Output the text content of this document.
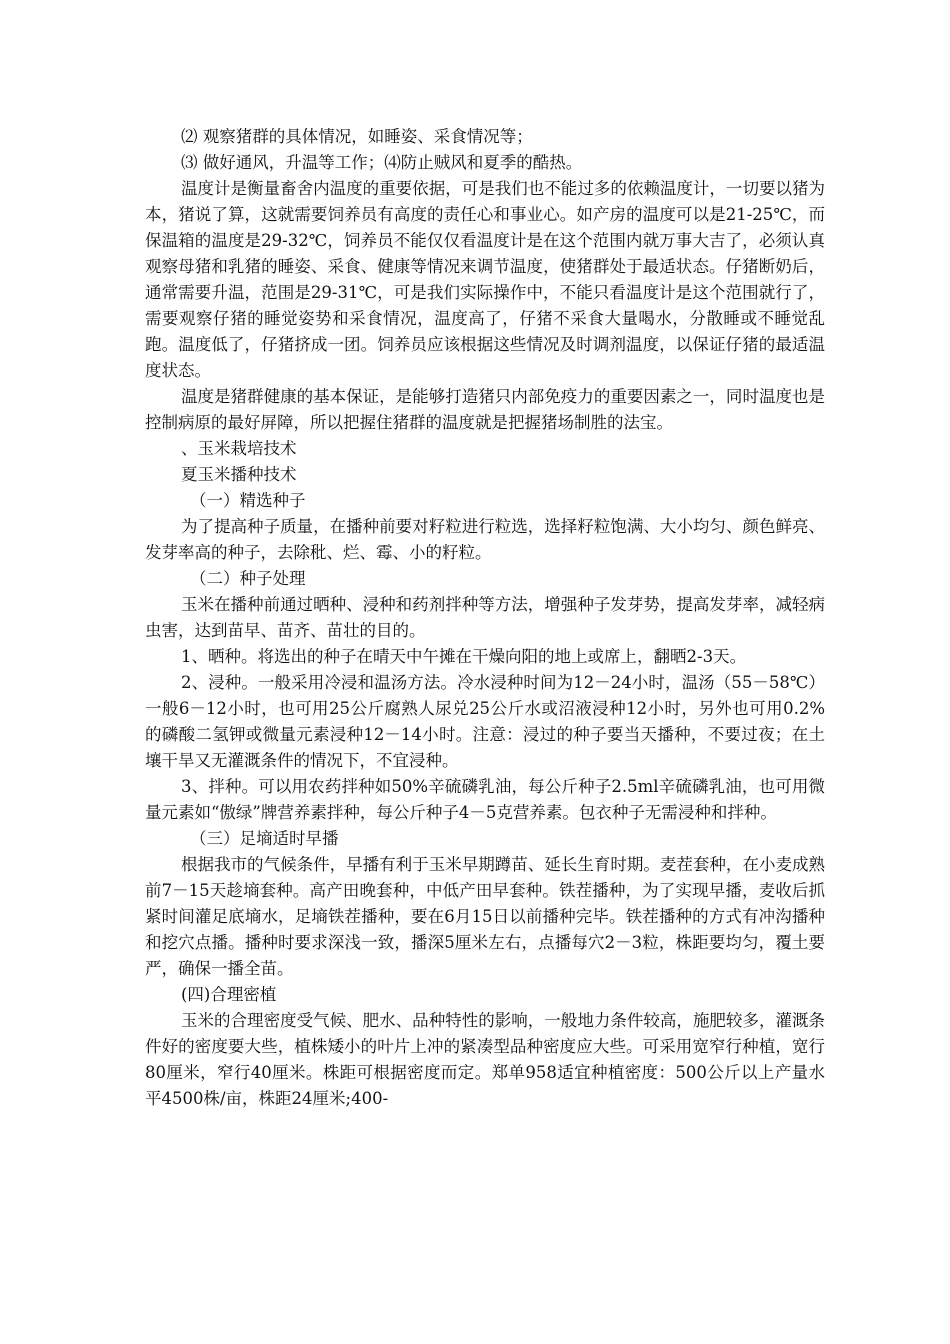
⑵ 观察猪群的具体情况，如睡姿、采食情况等；

⑶ 做好通风，升温等工作；⑷防止贼风和夏季的酷热。

温度计是衡量畜舍内温度的重要依据，可是我们也不能过多的依赖温度计，一切要以猪为本，猪说了算，这就需要饲养员有高度的责任心和事业心。如产房的温度可以是21-25℃，而保温箱的温度是29-32℃，饲养员不能仅仅看温度计是在这个范围内就万事大吉了，必须认真观察母猪和乳猪的睡姿、采食、健康等情况来调节温度，使猪群处于最适状态。仔猪断奶后，通常需要升温，范围是29-31℃，可是我们实际操作中，不能只看温度计是这个范围就行了，需要观察仔猪的睡觉姿势和采食情况，温度高了，仔猪不采食大量喝水，分散睡或不睡觉乱跑。温度低了，仔猪挤成一团。饲养员应该根据这些情况及时调剂温度，以保证仔猪的最适温度状态。

温度是猪群健康的基本保证，是能够打造猪只内部免疫力的重要因素之一，同时温度也是控制病原的最好屏障，所以把握住猪群的温度就是把握猪场制胜的法宝。

、玉米栽培技术

夏玉米播种技术

（一）精选种子

为了提高种子质量，在播种前要对籽粒进行粒选，选择籽粒饱满、大小均匀、颜色鲜亮、发芽率高的种子，去除秕、烂、霉、小的籽粒。

（二）种子处理

玉米在播种前通过晒种、浸种和药剂拌种等方法，增强种子发芽势，提高发芽率，减轻病虫害，达到苗早、苗齐、苗壮的目的。

1、晒种。将选出的种子在晴天中午摊在干燥向阳的地上或席上，翻晒2-3天。

2、浸种。一般采用冷浸和温汤方法。冷水浸种时间为12－24小时，温汤（55－58℃）一般6－12小时，也可用25公斤腐熟人尿兑25公斤水或沼液浸种12小时，另外也可用0.2%的磷酸二氢钾或微量元素浸种12－14小时。注意：浸过的种子要当天播种，不要过夜；在土壤干旱又无灌溉条件的情况下，不宜浸种。

3、拌种。可以用农药拌种如50%辛硫磷乳油，每公斤种子2.5ml辛硫磷乳油，也可用微量元素如“傲绿”牌营养素拌种，每公斤种子4－5克营养素。包衣种子无需浸种和拌种。

（三）足墒适时早播

根据我市的气候条件，早播有利于玉米早期蹲苗、延长生育时期。麦茬套种，在小麦成熟前7－15天趁墒套种。高产田晚套种，中低产田早套种。铁茬播种，为了实现早播，麦收后抓紧时间灌足底墒水，足墒铁茬播种，要在6月15日以前播种完毕。铁茬播种的方式有冲沟播种和挖穴点播。播种时要求深浅一致，播深5厘米左右，点播每穴2－3粒，株距要均匀，覆土要严，确保一播全苗。

(四)合理密植

玉米的合理密度受气候、肥水、品种特性的影响，一般地力条件较高，施肥较多，灌溉条件好的密度要大些，植株矮小的叶片上冲的紧凑型品种密度应大些。可采用宽窄行种植，宽行80厘米，窄行40厘米。株距可根据密度而定。郑单958适宜种植密度：500公斤以上产量水平4500株/亩，株距24厘米;400-
